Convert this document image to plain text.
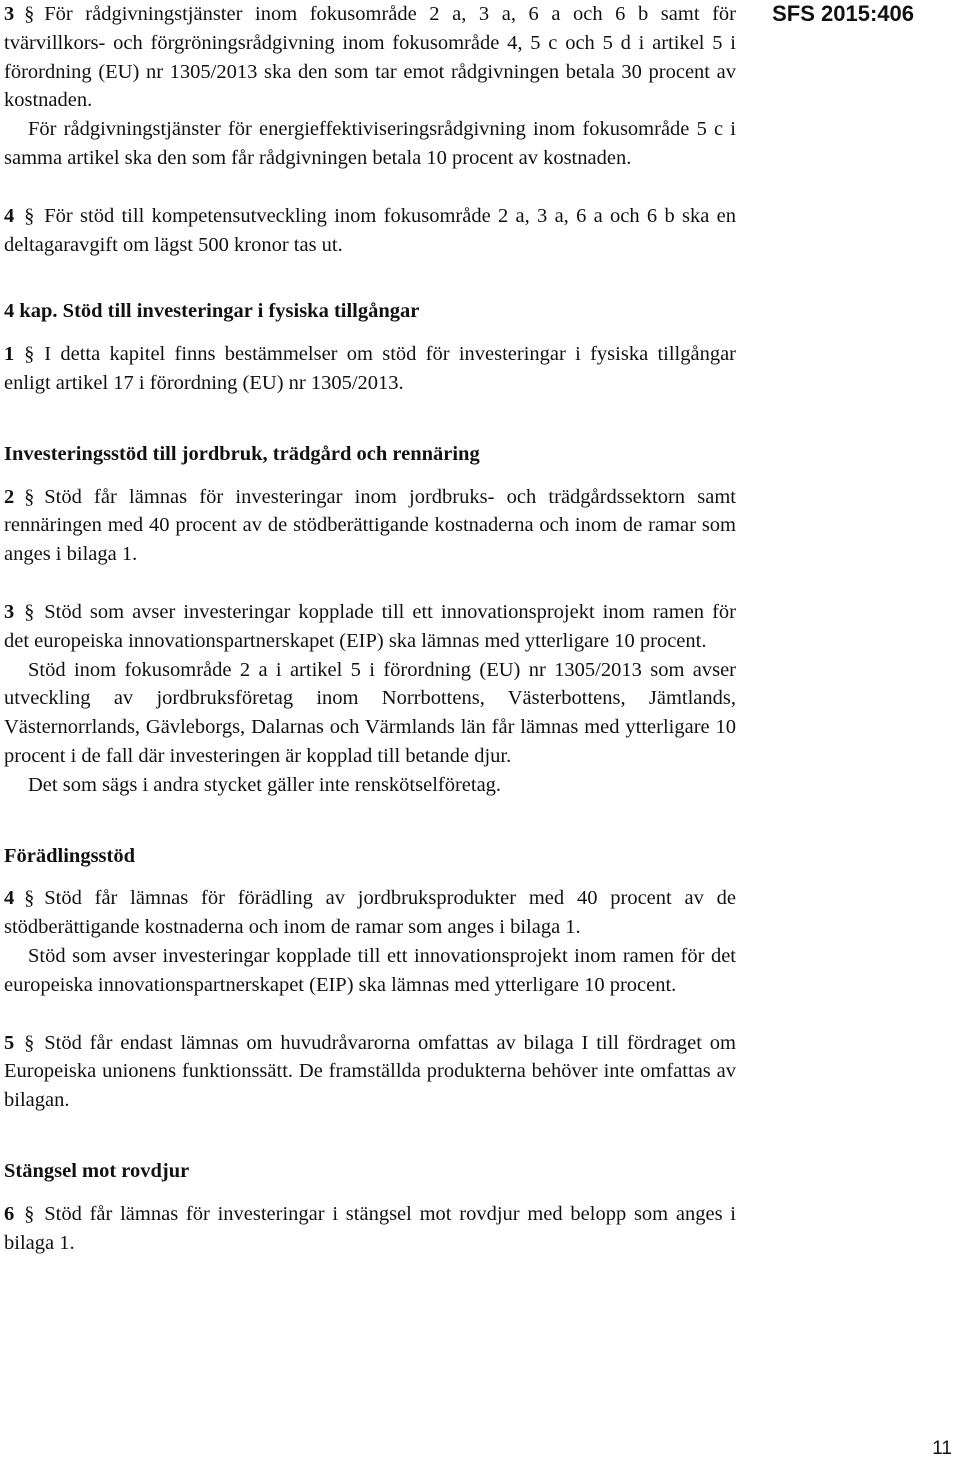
SFS 2015:406

3 § För rådgivningstjänster inom fokusområde 2 a, 3 a, 6 a och 6 b samt för tvärvillkors- och förgröningsrådgivning inom fokusområde 4, 5 c och 5 d i artikel 5 i förordning (EU) nr 1305/2013 ska den som tar emot rådgivningen betala 30 procent av kostnaden.

För rådgivningstjänster för energieffektiviseringsrådgivning inom fokusområde 5 c i samma artikel ska den som får rådgivningen betala 10 procent av kostnaden.

4 § För stöd till kompetensutveckling inom fokusområde 2 a, 3 a, 6 a och 6 b ska en deltagaravgift om lägst 500 kronor tas ut.

4 kap. Stöd till investeringar i fysiska tillgångar

1 § I detta kapitel finns bestämmelser om stöd för investeringar i fysiska tillgångar enligt artikel 17 i förordning (EU) nr 1305/2013.

Investeringsstöd till jordbruk, trädgård och rennäring

2 § Stöd får lämnas för investeringar inom jordbruks- och trädgårdssektorn samt rennäringen med 40 procent av de stödberättigande kostnaderna och inom de ramar som anges i bilaga 1.

3 § Stöd som avser investeringar kopplade till ett innovationsprojekt inom ramen för det europeiska innovationspartnerskapet (EIP) ska lämnas med ytterligare 10 procent.

Stöd inom fokusområde 2 a i artikel 5 i förordning (EU) nr 1305/2013 som avser utveckling av jordbruksföretag inom Norrbottens, Västerbottens, Jämtlands, Västernorrlands, Gävleborgs, Dalarnas och Värmlands län får lämnas med ytterligare 10 procent i de fall där investeringen är kopplad till betande djur.

Det som sägs i andra stycket gäller inte renskötselföretag.

Förädlingsstöd

4 § Stöd får lämnas för förädling av jordbruksprodukter med 40 procent av de stödberättigande kostnaderna och inom de ramar som anges i bilaga 1.

Stöd som avser investeringar kopplade till ett innovationsprojekt inom ramen för det europeiska innovationspartnerskapet (EIP) ska lämnas med ytterligare 10 procent.

5 § Stöd får endast lämnas om huvudråvarorna omfattas av bilaga I till fördraget om Europeiska unionens funktionssätt. De framställda produkterna behöver inte omfattas av bilagan.

Stängsel mot rovdjur

6 § Stöd får lämnas för investeringar i stängsel mot rovdjur med belopp som anges i bilaga 1.

11
